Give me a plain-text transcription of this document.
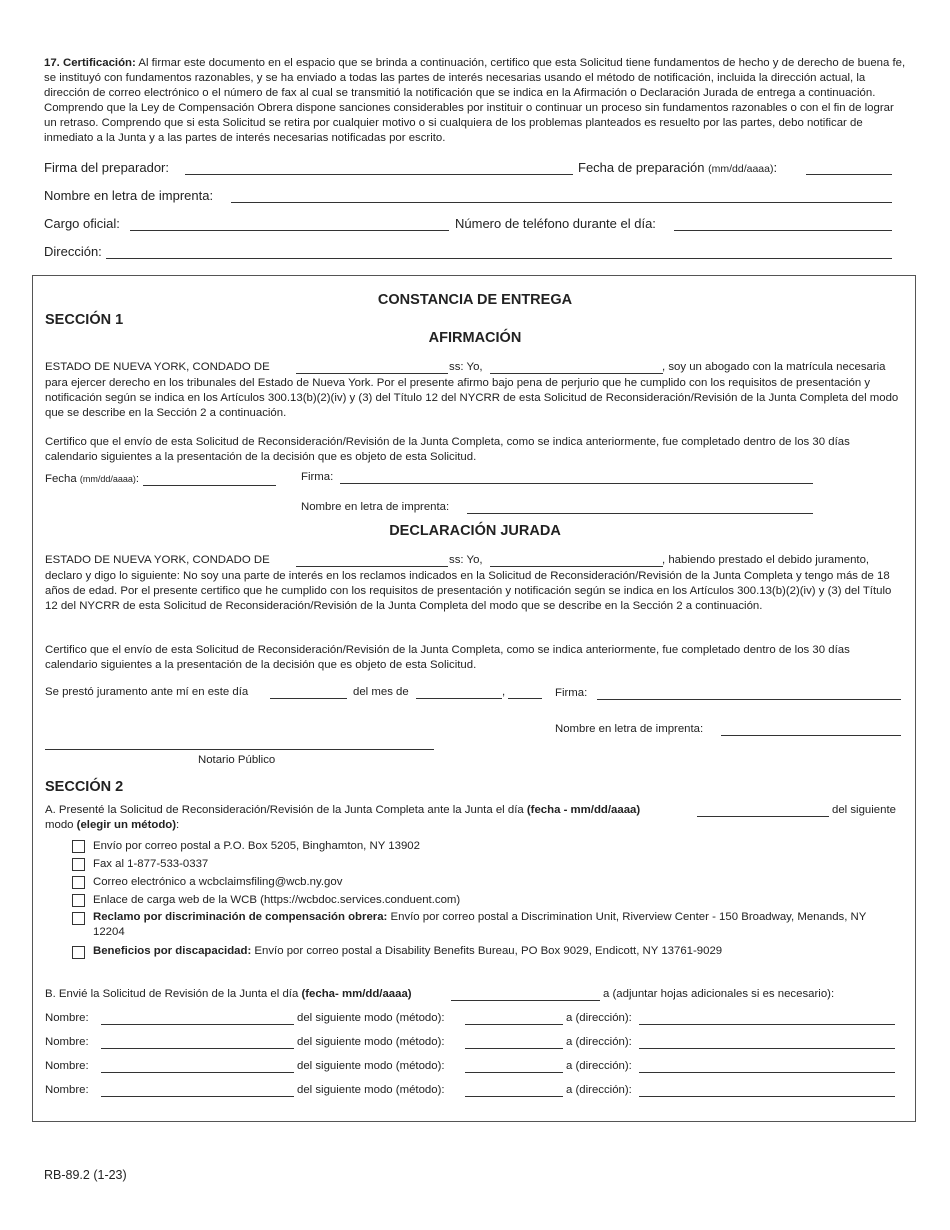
17. Certificación: Al firmar este documento en el espacio que se brinda a continuación, certifico que esta Solicitud tiene fundamentos de hecho y de derecho de buena fe, se instituyó con fundamentos razonables, y se ha enviado a todas las partes de interés necesarias usando el método de notificación, incluida la dirección actual, la dirección de correo electrónico o el número de fax al cual se transmitió la notificación que se indica en la Afirmación o Declaración Jurada de entrega a continuación. Comprendo que la Ley de Compensación Obrera dispone sanciones considerables por instituir o continuar un proceso sin fundamentos razonables o con el fin de lograr un retraso. Comprendo que si esta Solicitud se retira por cualquier motivo o si cualquiera de los problemas planteados es resuelto por las partes, debo notificar de inmediato a la Junta y a las partes de interés necesarias notificadas por escrito.
Firma del preparador:	Fecha de preparación (mm/dd/aaaa):
Nombre en letra de imprenta:
Cargo oficial:	Número de teléfono durante el día:
Dirección:
CONSTANCIA DE ENTREGA
SECCIÓN 1
AFIRMACIÓN
ESTADO DE NUEVA YORK, CONDADO DE	ss: Yo,	, soy un abogado con la matrícula necesaria
para ejercer derecho en los tribunales del Estado de Nueva York. Por el presente afirmo bajo pena de perjurio que he cumplido con los requisitos de presentación y notificación según se indica en los Artículos 300.13(b)(2)(iv) y (3) del Título 12 del NYCRR de esta Solicitud de Reconsideración/Revisión de la Junta Completa del modo que se describe en la Sección 2 a continuación.
Certifico que el envío de esta Solicitud de Reconsideración/Revisión de la Junta Completa, como se indica anteriormente, fue completado dentro de los 30 días calendario siguientes a la presentación de la decisión que es objeto de esta Solicitud.
Fecha (mm/dd/aaaa):	Firma:
Nombre en letra de imprenta:
DECLARACIÓN JURADA
ESTADO DE NUEVA YORK, CONDADO DE	ss: Yo,	, habiendo prestado el debido juramento,
declaro y digo lo siguiente: No soy una parte de interés en los reclamos indicados en la Solicitud de Reconsideración/Revisión de la Junta Completa y tengo más de 18 años de edad. Por el presente certifico que he cumplido con los requisitos de presentación y notificación según se indica en los Artículos 300.13(b)(2)(iv) y (3) del Título 12 del NYCRR de esta Solicitud de Reconsideración/Revisión de la Junta Completa del modo que se describe en la Sección 2 a continuación.
Certifico que el envío de esta Solicitud de Reconsideración/Revisión de la Junta Completa, como se indica anteriormente, fue completado dentro de los 30 días calendario siguientes a la presentación de la decisión que es objeto de esta Solicitud.
Se prestó juramento ante mí en este día	del mes de	,	Firma:
Nombre en letra de imprenta:
Notario Público
SECCIÓN 2
A. Presenté la Solicitud de Reconsideración/Revisión de la Junta Completa ante la Junta el día (fecha - mm/dd/aaaa)	del siguiente
modo (elegir un método):
Envío por correo postal a P.O. Box 5205, Binghamton, NY 13902
Fax al 1-877-533-0337
Correo electrónico a wcbclaimsfiling@wcb.ny.gov
Enlace de carga web de la WCB (https://wcbdoc.services.conduent.com)
Reclamo por discriminación de compensación obrera: Envío por correo postal a Discrimination Unit, Riverview Center - 150 Broadway, Menands, NY 12204
Beneficios por discapacidad: Envío por correo postal a Disability Benefits Bureau, PO Box 9029, Endicott, NY 13761-9029
B. Envié la Solicitud de Revisión de la Junta el día (fecha- mm/dd/aaaa)	a (adjuntar hojas adicionales si es necesario):
Nombre:	del siguiente modo (método):	a (dirección):
Nombre:	del siguiente modo (método):	a (dirección):
Nombre:	del siguiente modo (método):	a (dirección):
Nombre:	del siguiente modo (método):	a (dirección):
RB-89.2 (1-23)
